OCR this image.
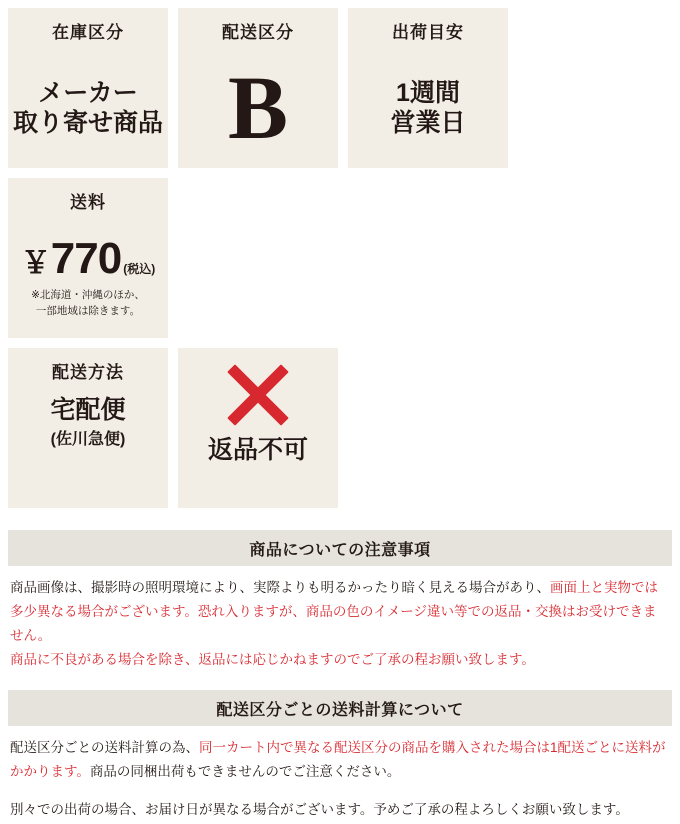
在庫区分
メーカー
取り寄せ商品
配送区分
B
出荷目安
1週間
営業日
送料
￥ 770 (税込)
※北海道・沖縄のほか、
一部地域は除きます。
配送方法
宅配便
(佐川急便)	返品不可
商品についての注意事項
商品画像は、撮影時の照明環境により、実際よりも明るかったり暗く見える場合があり、画面上と実物では多少異なる場合がございます。恐れ入りますが、商品の色のイメージ違い等での返品・交換はお受けできません。
商品に不良がある場合を除き、返品には応じかねますのでご了承の程お願い致します。
配送区分ごとの送料計算について
配送区分ごとの送料計算の為、同一カート内で異なる配送区分の商品を購入された場合は1配送ごとに送料がかかります。商品の同梱出荷もできませんのでご注意ください。
別々での出荷の場合、お届け日が異なる場合がございます。予めご了承の程よろしくお願い致します。
